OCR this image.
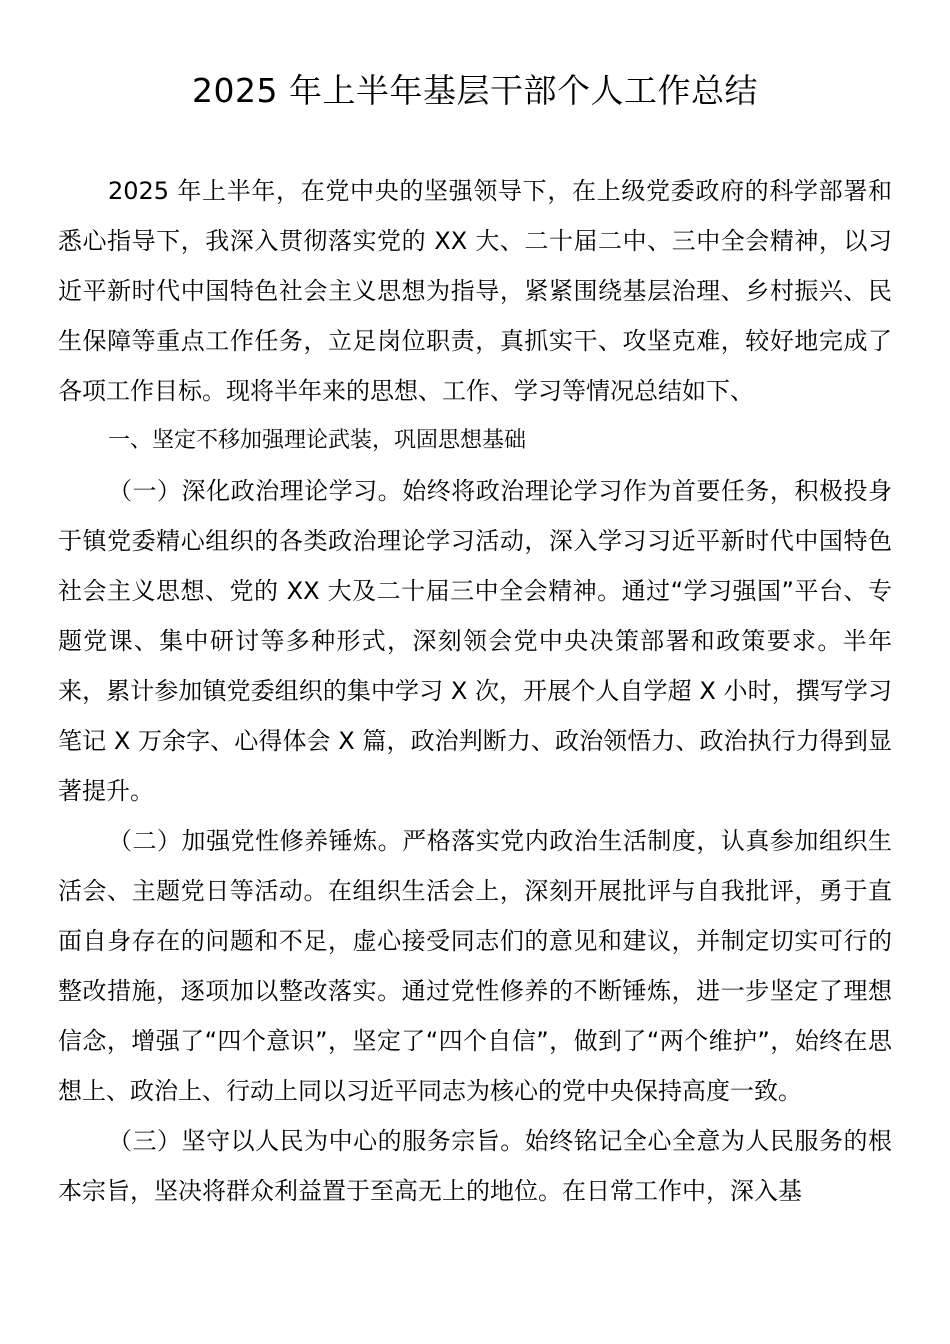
2025 年上半年基层干部个人工作总结

2025 年上半年，在党中央的坚强领导下，在上级党委政府的科学部署和悉心指导下，我深入贯彻落实党的 XX 大、二十届二中、三中全会精神，以习近平新时代中国特色社会主义思想为指导，紧紧围绕基层治理、乡村振兴、民生保障等重点工作任务，立足岗位职责，真抓实干、攻坚克难，较好地完成了各项工作目标。现将半年来的思想、工作、学习等情况总结如下、

一、坚定不移加强理论武装，巩固思想基础

（一）深化政治理论学习。始终将政治理论学习作为首要任务，积极投身于镇党委精心组织的各类政治理论学习活动，深入学习习近平新时代中国特色社会主义思想、党的 XX 大及二十届三中全会精神。通过“学习强国”平台、专题党课、集中研讨等多种形式，深刻领会党中央决策部署和政策要求。半年来，累计参加镇党委组织的集中学习 X 次，开展个人自学超 X 小时，撰写学习笔记 X 万余字、心得体会 X 篇，政治判断力、政治领悟力、政治执行力得到显著提升。

（二）加强党性修养锤炼。严格落实党内政治生活制度，认真参加组织生活会、主题党日等活动。在组织生活会上，深刻开展批评与自我批评，勇于直面自身存在的问题和不足，虚心接受同志们的意见和建议，并制定切实可行的整改措施，逐项加以整改落实。通过党性修养的不断锤炼，进一步坚定了理想信念，增强了“四个意识”，坚定了“四个自信”，做到了“两个维护”，始终在思想上、政治上、行动上同以习近平同志为核心的党中央保持高度一致。

（三）坚守以人民为中心的服务宗旨。始终铭记全心全意为人民服务的根本宗旨，坚决将群众利益置于至高无上的地位。在日常工作中，深入基
